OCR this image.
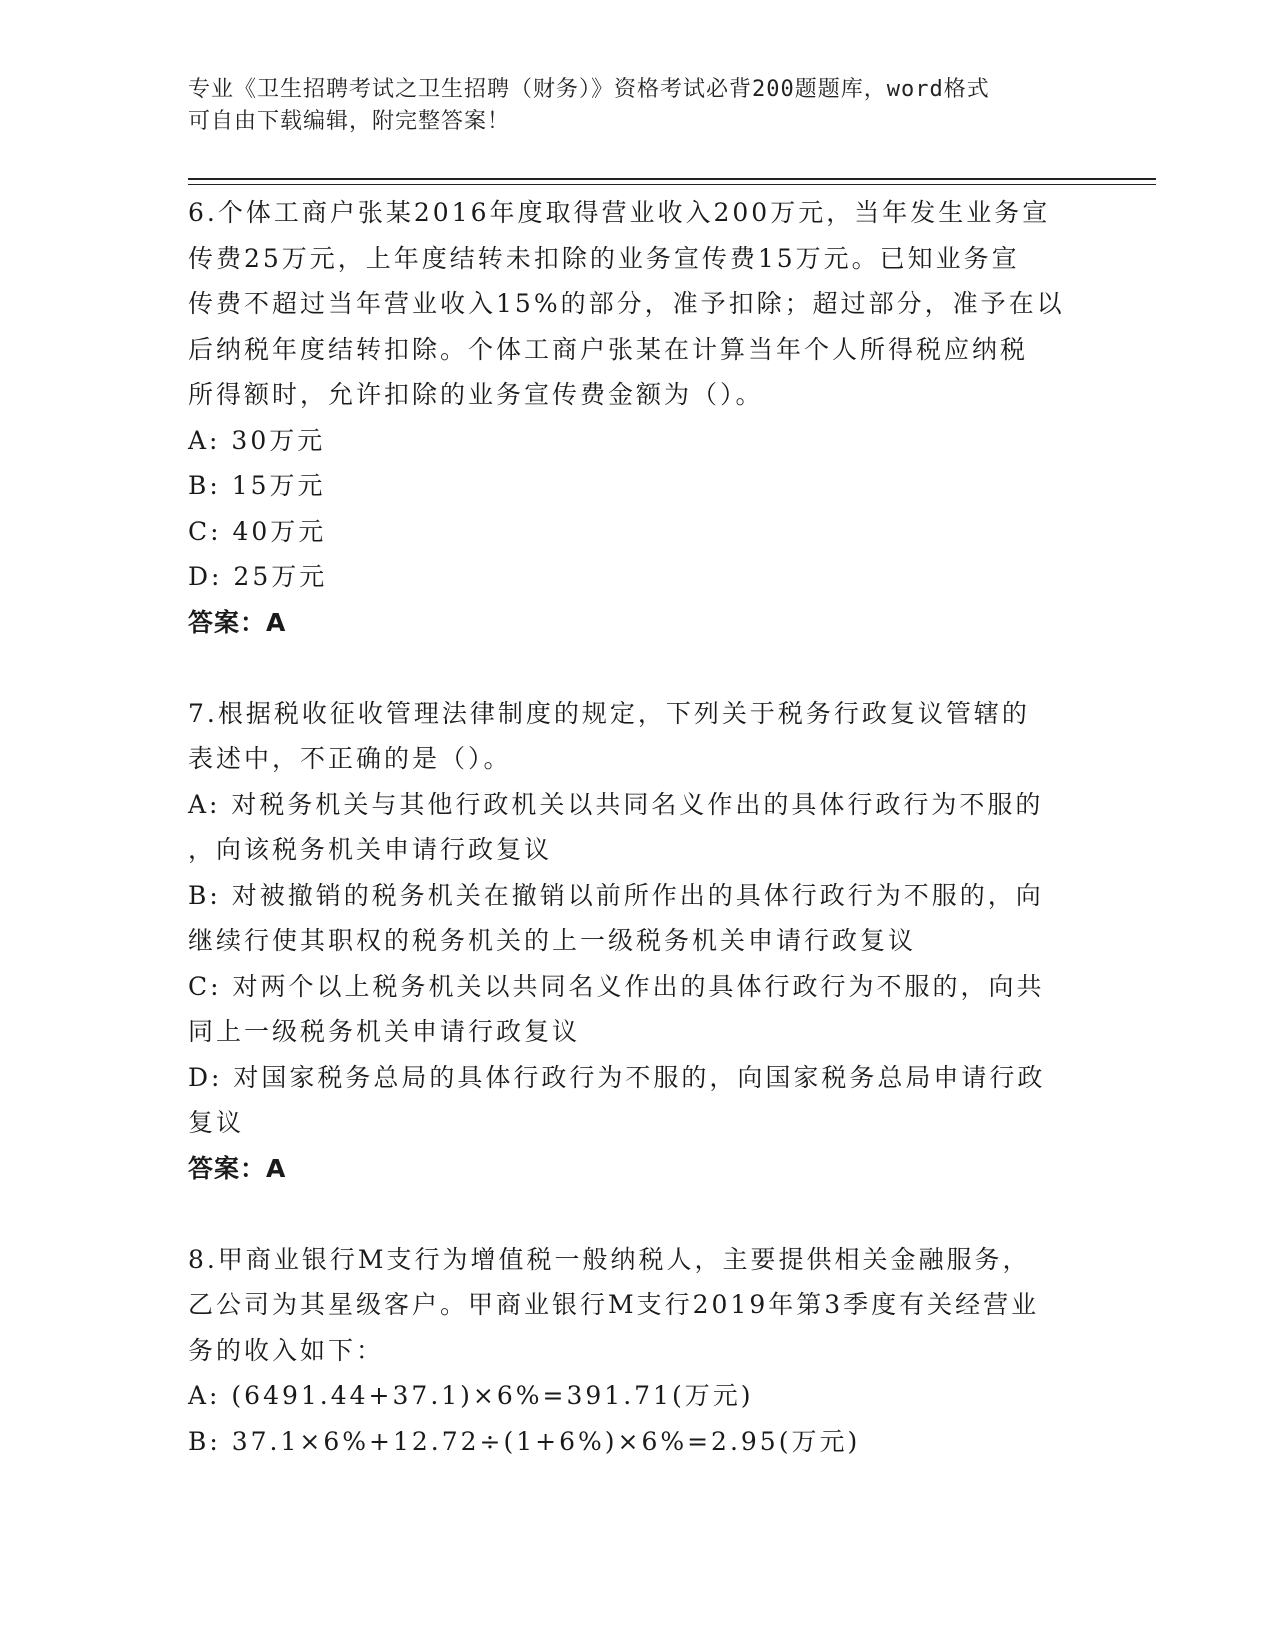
专业《卫生招聘考试之卫生招聘（财务）》资格考试必背200题题库，word格式
可自由下载编辑，附完整答案！
6.个体工商户张某2016年度取得营业收入200万元，当年发生业务宣
传费25万元，上年度结转未扣除的业务宣传费15万元。已知业务宣
传费不超过当年营业收入15%的部分，准予扣除；超过部分，准予在以
后纳税年度结转扣除。个体工商户张某在计算当年个人所得税应纳税
所得额时，允许扣除的业务宣传费金额为（）。
A: 30万元
B: 15万元
C: 40万元
D: 25万元
答案：A
7.根据税收征收管理法律制度的规定，下列关于税务行政复议管辖的
表述中，不正确的是（）。
A: 对税务机关与其他行政机关以共同名义作出的具体行政行为不服的
，向该税务机关申请行政复议
B: 对被撤销的税务机关在撤销以前所作出的具体行政行为不服的，向
继续行使其职权的税务机关的上一级税务机关申请行政复议
C: 对两个以上税务机关以共同名义作出的具体行政行为不服的，向共
同上一级税务机关申请行政复议
D: 对国家税务总局的具体行政行为不服的，向国家税务总局申请行政
复议
答案：A
8.甲商业银行M支行为增值税一般纳税人，主要提供相关金融服务，
乙公司为其星级客户。甲商业银行M支行2019年第3季度有关经营业
务的收入如下：
A: (6491.44+37.1)×6%=391.71(万元)
B: 37.1×6%+12.72÷(1+6%)×6%=2.95(万元)
